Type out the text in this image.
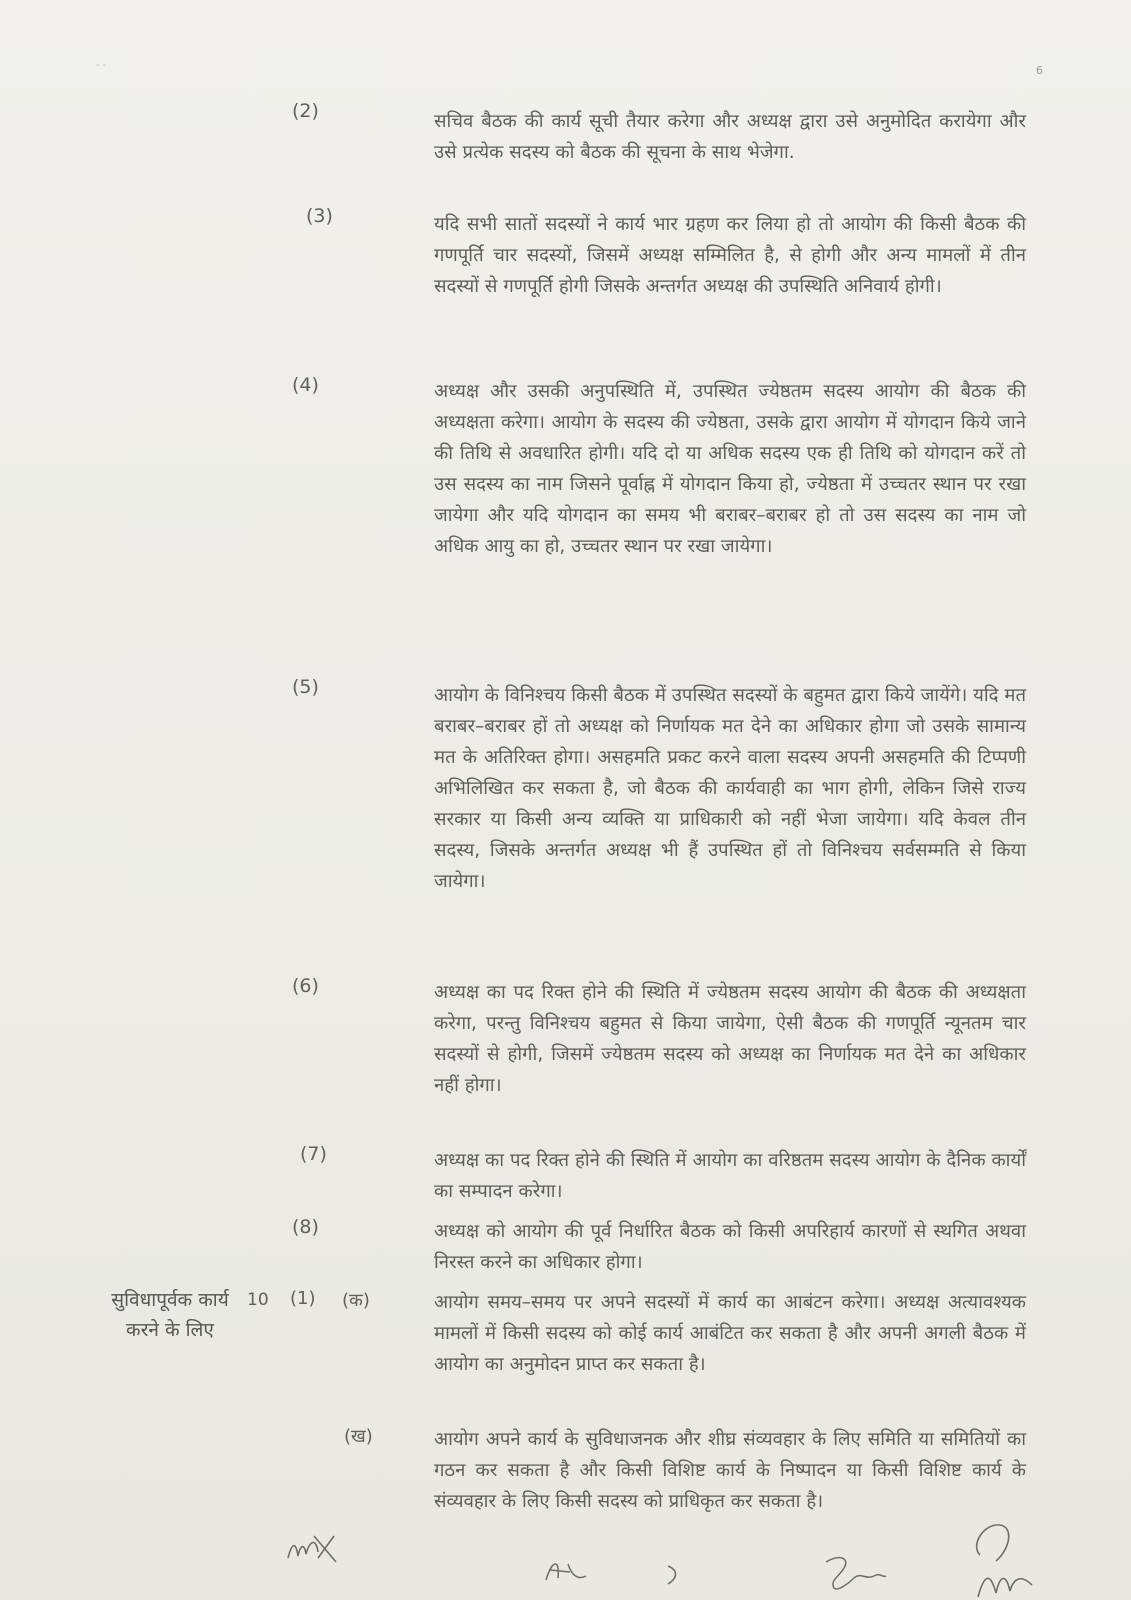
- -	6
(2)	सचिव बैठक की कार्य सूची तैयार करेगा और अध्यक्ष द्वारा उसे अनुमोदित करायेगा और उसे प्रत्येक सदस्य को बैठक की सूचना के साथ भेजेगा.

(3)	यदि सभी सातों सदस्यों ने कार्य भार ग्रहण कर लिया हो तो आयोग की किसी बैठक की गणपूर्ति चार सदस्यों, जिसमें अध्यक्ष सम्मिलित है, से होगी और अन्य मामलों में तीन सदस्यों से गणपूर्ति होगी जिसके अन्तर्गत अध्यक्ष की उपस्थिति अनिवार्य होगी।

(4)	अध्यक्ष और उसकी अनुपस्थिति में, उपस्थित ज्येष्ठतम सदस्य आयोग की बैठक की अध्यक्षता करेगा। आयोग के सदस्य की ज्येष्ठता, उसके द्वारा आयोग में योगदान किये जाने की तिथि से अवधारित होगी। यदि दो या अधिक सदस्य एक ही तिथि को योगदान करें तो उस सदस्य का नाम जिसने पूर्वाह्न में योगदान किया हो, ज्येष्ठता में उच्चतर स्थान पर रखा जायेगा और यदि योगदान का समय भी बराबर–बराबर हो तो उस सदस्य का नाम जो अधिक आयु का हो, उच्चतर स्थान पर रखा जायेगा।

(5)	आयोग के विनिश्चय किसी बैठक में उपस्थित सदस्यों के बहुमत द्वारा किये जायेंगे। यदि मत बराबर–बराबर हों तो अध्यक्ष को निर्णायक मत देने का अधिकार होगा जो उसके सामान्य मत के अतिरिक्त होगा। असहमति प्रकट करने वाला सदस्य अपनी असहमति की टिप्पणी अभिलिखित कर सकता है, जो बैठक की कार्यवाही का भाग होगी, लेकिन जिसे राज्य सरकार या किसी अन्य व्यक्ति या प्राधिकारी को नहीं भेजा जायेगा। यदि केवल तीन सदस्य, जिसके अन्तर्गत अध्यक्ष भी हैं उपस्थित हों तो विनिश्चय सर्वसम्मति से किया जायेगा।

(6)	अध्यक्ष का पद रिक्त होने की स्थिति में ज्येष्ठतम सदस्य आयोग की बैठक की अध्यक्षता करेगा, परन्तु विनिश्चय बहुमत से किया जायेगा, ऐसी बैठक की गणपूर्ति न्यूनतम चार सदस्यों से होगी, जिसमें ज्येष्ठतम सदस्य को अध्यक्ष का निर्णायक मत देने का अधिकार नहीं होगा।

(7)	अध्यक्ष का पद रिक्त होने की स्थिति में आयोग का वरिष्ठतम सदस्य आयोग के दैनिक कार्यों का सम्पादन करेगा।

(8)	अध्यक्ष को आयोग की पूर्व निर्धारित बैठक को किसी अपरिहार्य कारणों से स्थगित अथवा निरस्त करने का अधिकार होगा।

सुविधापूर्वक कार्य करने के लिए
10 (1) (क)	आयोग समय–समय पर अपने सदस्यों में कार्य का आबंटन करेगा। अध्यक्ष अत्यावश्यक मामलों में किसी सदस्य को कोई कार्य आबंटित कर सकता है और अपनी अगली बैठक में आयोग का अनुमोदन प्राप्त कर सकता है।

(ख)	आयोग अपने कार्य के सुविधाजनक और शीघ्र संव्यवहार के लिए समिति या समितियों का गठन कर सकता है और किसी विशिष्ट कार्य के निष्पादन या किसी विशिष्ट कार्य के संव्यवहार के लिए किसी सदस्य को प्राधिकृत कर सकता है।
